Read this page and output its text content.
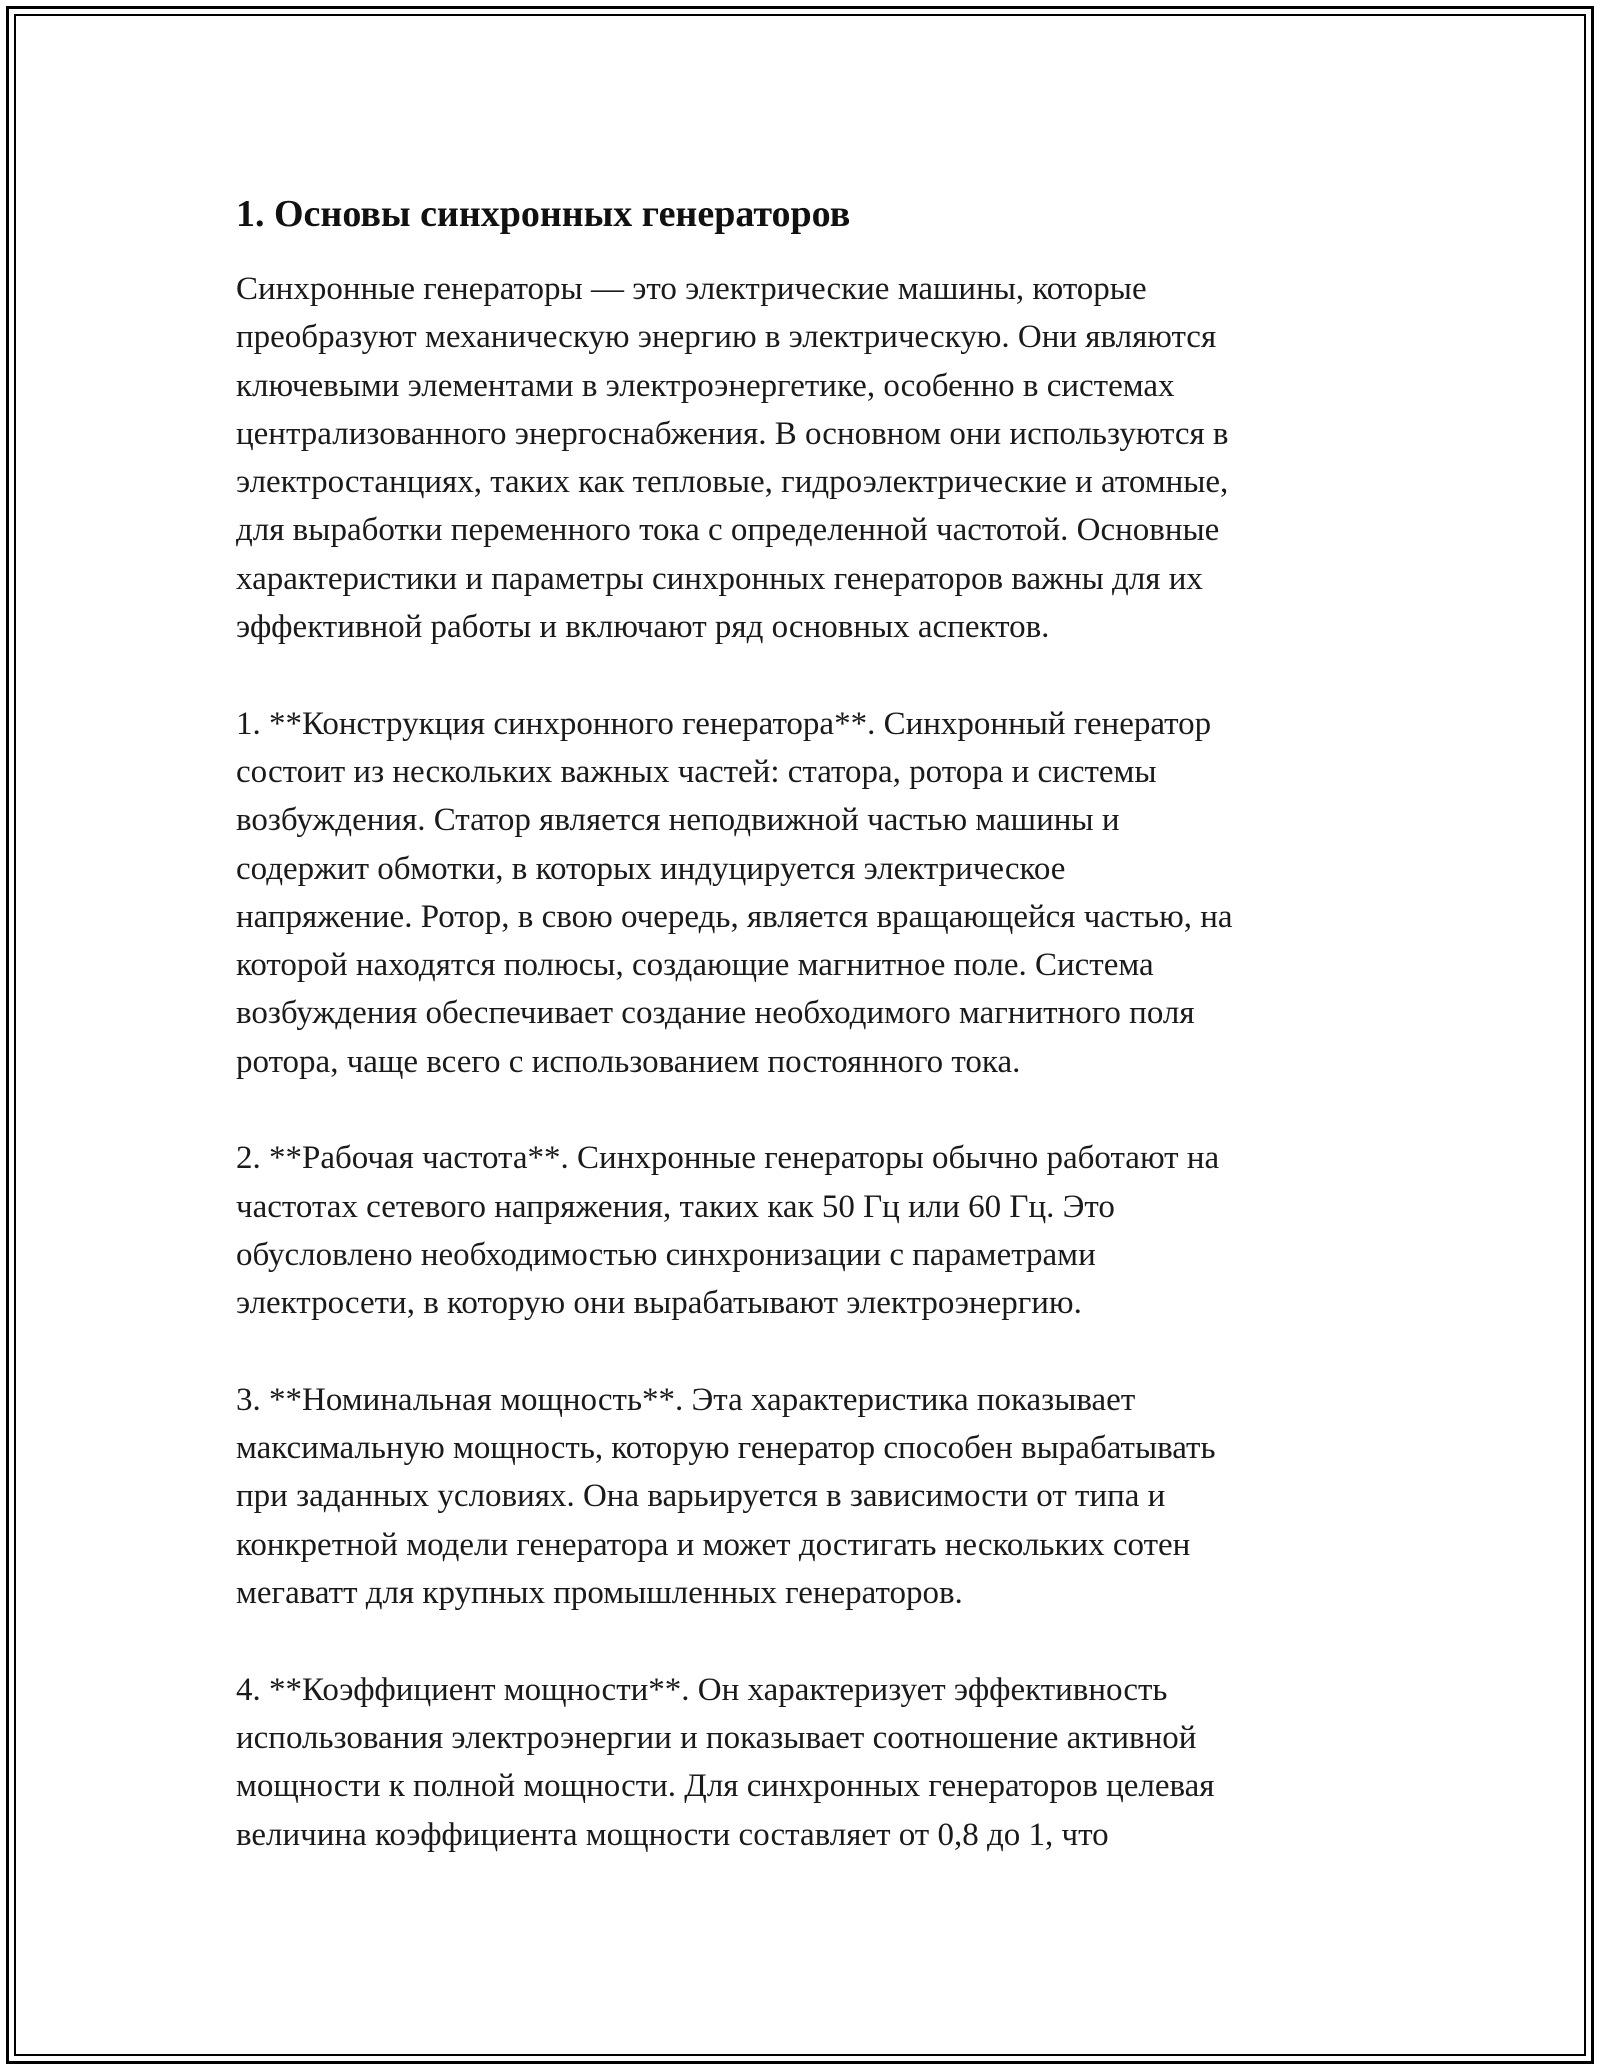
1. Основы синхронных генераторов

Синхронные генераторы — это электрические машины, которые
преобразуют механическую энергию в электрическую. Они являются
ключевыми элементами в электроэнергетике, особенно в системах
централизованного энергоснабжения. В основном они используются в
электростанциях, таких как тепловые, гидроэлектрические и атомные,
для выработки переменного тока с определенной частотой. Основные
характеристики и параметры синхронных генераторов важны для их
эффективной работы и включают ряд основных аспектов.

1. **Конструкция синхронного генератора**. Синхронный генератор
состоит из нескольких важных частей: статора, ротора и системы
возбуждения. Статор является неподвижной частью машины и
содержит обмотки, в которых индуцируется электрическое
напряжение. Ротор, в свою очередь, является вращающейся частью, на
которой находятся полюсы, создающие магнитное поле. Система
возбуждения обеспечивает создание необходимого магнитного поля
ротора, чаще всего с использованием постоянного тока.

2. **Рабочая частота**. Синхронные генераторы обычно работают на
частотах сетевого напряжения, таких как 50 Гц или 60 Гц. Это
обусловлено необходимостью синхронизации с параметрами
электросети, в которую они вырабатывают электроэнергию.

3. **Номинальная мощность**. Эта характеристика показывает
максимальную мощность, которую генератор способен вырабатывать
при заданных условиях. Она варьируется в зависимости от типа и
конкретной модели генератора и может достигать нескольких сотен
мегаватт для крупных промышленных генераторов.

4. **Коэффициент мощности**. Он характеризует эффективность
использования электроэнергии и показывает соотношение активной
мощности к полной мощности. Для синхронных генераторов целевая
величина коэффициента мощности составляет от 0,8 до 1, что
